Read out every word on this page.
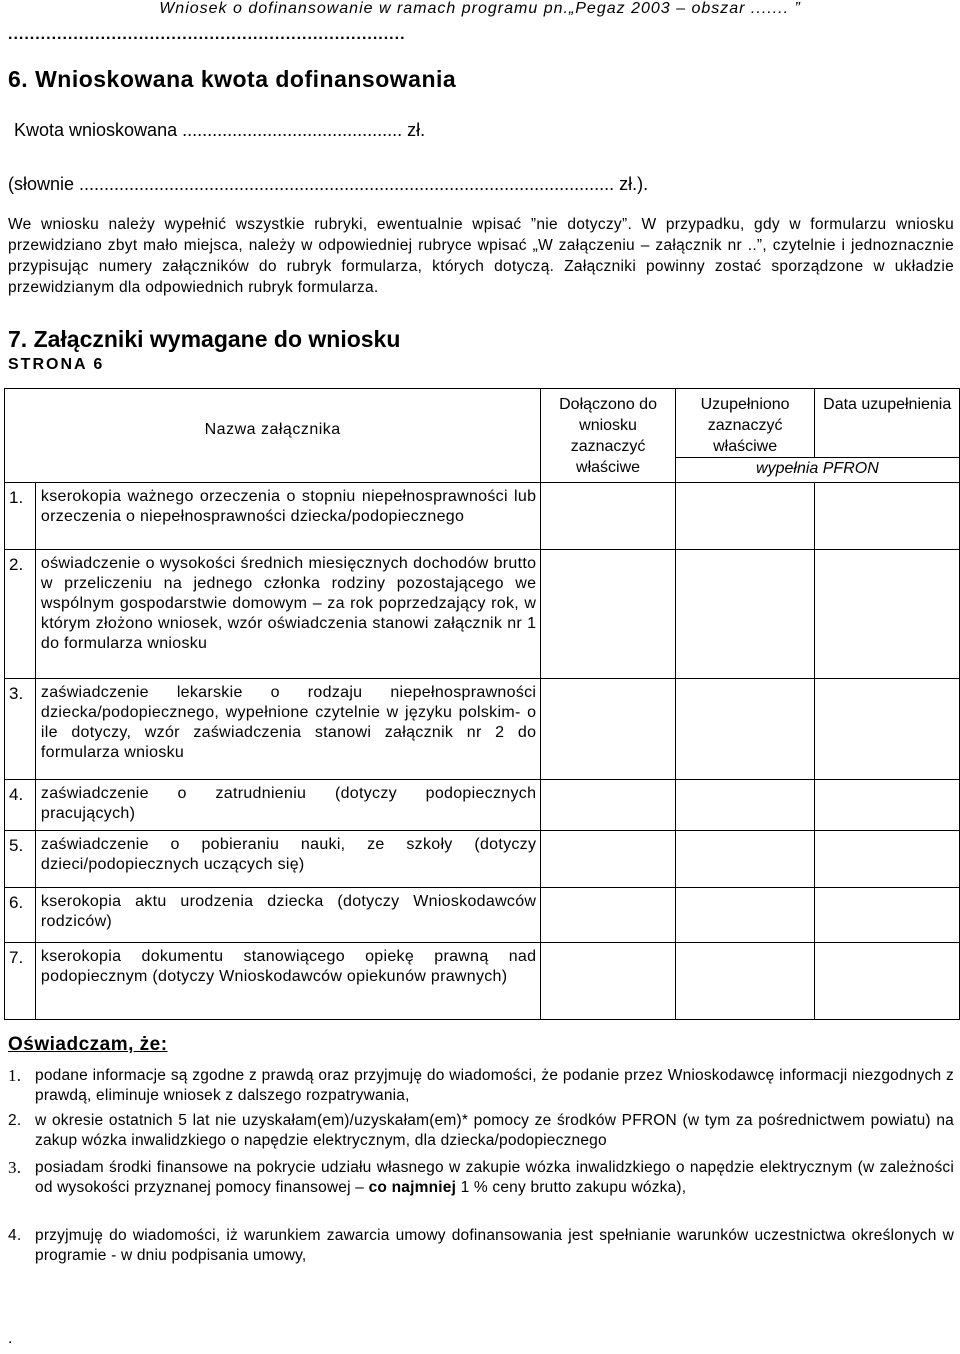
Wniosek o dofinansowanie w ramach programu pn.„Pegaz 2003 – obszar ....... ”
.........................................................................
6. Wnioskowana kwota dofinansowania
Kwota wnioskowana ............................................ zł.
(słownie ........................................................................................................... zł.).
We wniosku należy wypełnić wszystkie rubryki, ewentualnie wpisać ”nie dotyczy”. W przypadku, gdy w formularzu wniosku przewidziano zbyt mało miejsca, należy w odpowiedniej rubryce wpisać „W załączeniu – załącznik nr ..”, czytelnie i jednoznacznie przypisując numery załączników do rubryk formularza, których dotyczą. Załączniki powinny zostać sporządzone w układzie przewidzianym dla odpowiednich rubryk formularza.
7. Załączniki wymagane do wniosku
STRONA 6
Nazwa załącznika		Dołączono do wniosku zaznaczyć właściwe	Uzupełniono zaznaczyć właściwe	Data uzupełnienia
			wypełnia PFRON	
1.	kserokopia ważnego orzeczenia o stopniu niepełnosprawności lub orzeczenia o niepełnosprawności dziecka/podopiecznego			
2.	oświadczenie o wysokości średnich miesięcznych dochodów brutto w przeliczeniu na jednego członka rodziny pozostającego we wspólnym gospodarstwie domowym – za rok poprzedzający rok, w którym złożono wniosek, wzór oświadczenia stanowi załącznik nr 1 do formularza wniosku			
3.	zaświadczenie lekarskie o rodzaju niepełnosprawności dziecka/podopiecznego, wypełnione czytelnie w języku polskim- o ile dotyczy, wzór zaświadczenia stanowi załącznik nr 2 do formularza wniosku			
4.	zaświadczenie o zatrudnieniu (dotyczy podopiecznych pracujących)			
5.	zaświadczenie o pobieraniu nauki, ze szkoły (dotyczy dzieci/podopiecznych uczących się)			
6.	kserokopia aktu urodzenia dziecka (dotyczy Wnioskodawców rodziców)			
7.	kserokopia dokumentu stanowiącego opiekę prawną nad podopiecznym (dotyczy Wnioskodawców opiekunów prawnych)			
Oświadczam, że:
1. podane informacje są zgodne z prawdą oraz przyjmuję do wiadomości, że podanie przez Wnioskodawcę informacji niezgodnych z prawdą, eliminuje wniosek z dalszego rozpatrywania,
2. w okresie ostatnich 5 lat nie uzyskałam(em)/uzyskałam(em)* pomocy ze środków PFRON (w tym za pośrednictwem powiatu) na zakup wózka inwalidzkiego o napędzie elektrycznym, dla dziecka/podopiecznego
3. posiadam środki finansowe na pokrycie udziału własnego w zakupie wózka inwalidzkiego o napędzie elektrycznym (w zależności od wysokości przyznanej pomocy finansowej – co najmniej 1 % ceny brutto zakupu wózka),
4. przyjmuję do wiadomości, iż warunkiem zawarcia umowy dofinansowania jest spełnianie warunków uczestnictwa określonych w programie - w dniu podpisania umowy,
.
